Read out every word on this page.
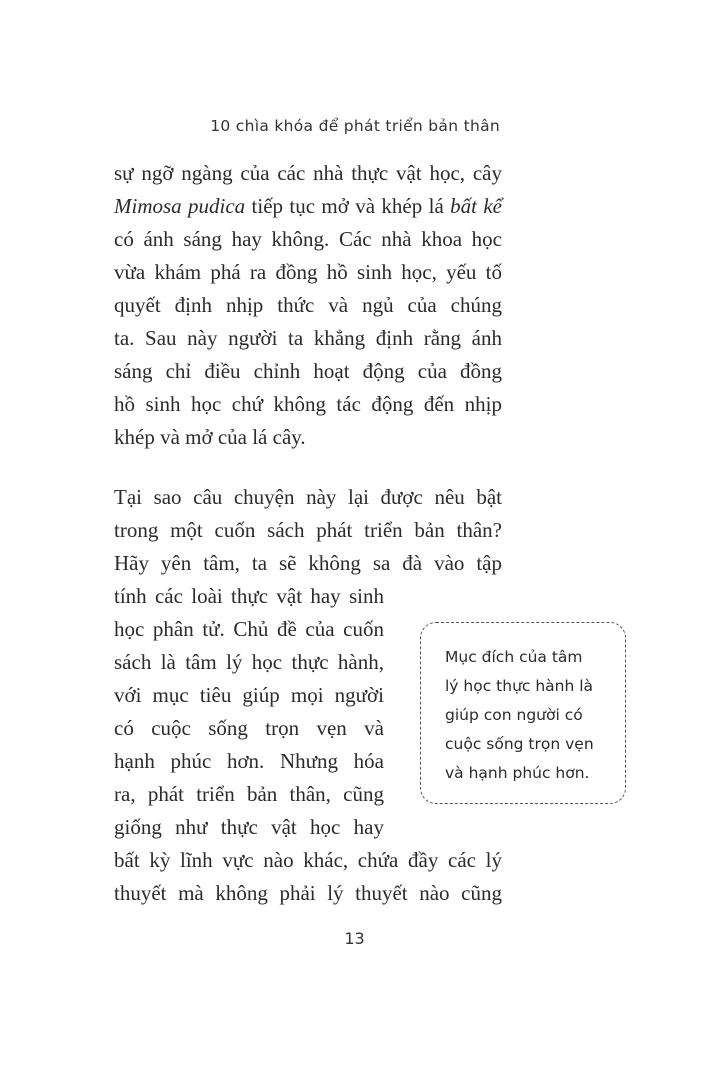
10 chìa khóa để phát triển bản thân
sự ngỡ ngàng của các nhà thực vật học, cây
Mimosa pudica tiếp tục mở và khép lá bất kể
có ánh sáng hay không. Các nhà khoa học
vừa khám phá ra đồng hồ sinh học, yếu tố
quyết định nhịp thức và ngủ của chúng
ta. Sau này người ta khẳng định rằng ánh
sáng chỉ điều chỉnh hoạt động của đồng
hồ sinh học chứ không tác động đến nhịp
khép và mở của lá cây.
Tại sao câu chuyện này lại được nêu bật
trong một cuốn sách phát triển bản thân?
Hãy yên tâm, ta sẽ không sa đà vào tập
tính các loài thực vật hay sinh
học phân tử. Chủ đề của cuốn
sách là tâm lý học thực hành,
với mục tiêu giúp mọi người
có cuộc sống trọn vẹn và
hạnh phúc hơn. Nhưng hóa
ra, phát triển bản thân, cũng
giống như thực vật học hay
bất kỳ lĩnh vực nào khác, chứa đầy các lý
thuyết mà không phải lý thuyết nào cũng
Mục đích của tâm
lý học thực hành là
giúp con người có
cuộc sống trọn vẹn
và hạnh phúc hơn.
13
